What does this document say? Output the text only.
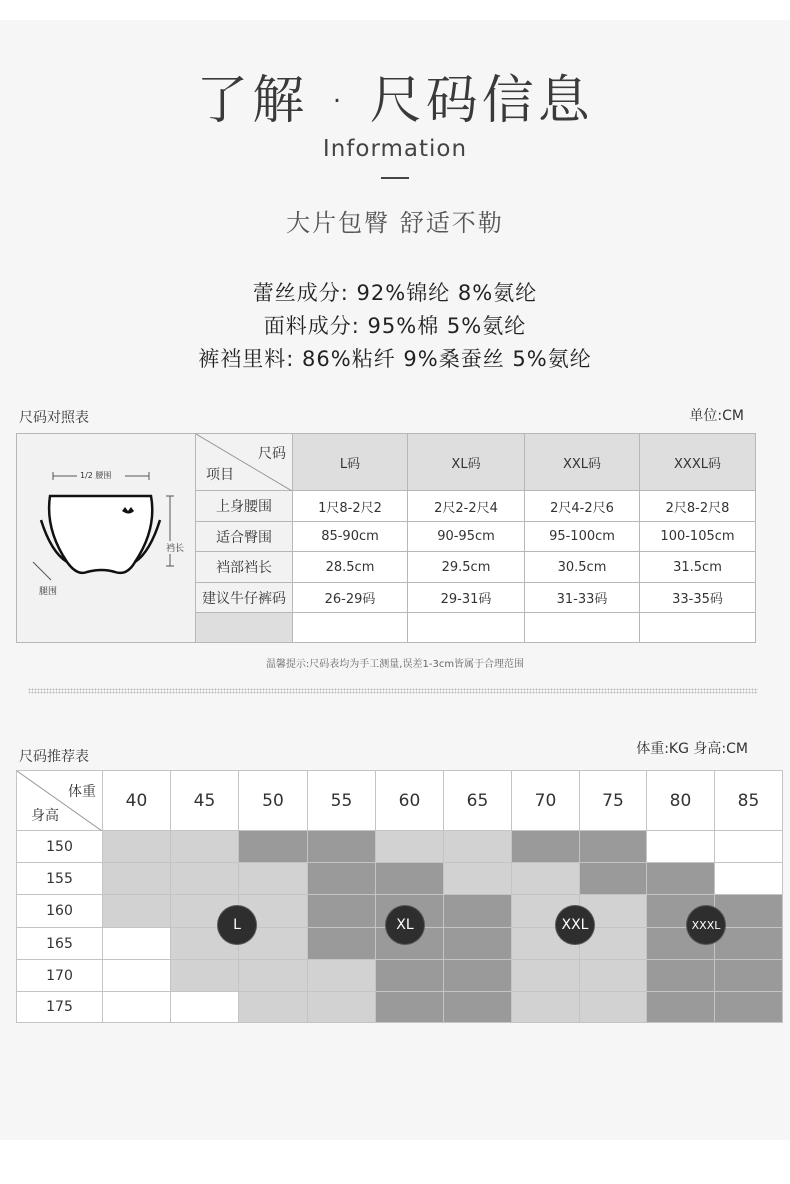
了解 · 尺码信息
Information
大片包臀 舒适不勒
蕾丝成分: 92%锦纶 8%氨纶
面料成分: 95%棉 5%氨纶
裤裆里料: 86%粘纤 9%桑蚕丝 5%氨纶
尺码对照表	单位:CM
1/2 腰围
裆长
腿围	尺码
项目	L码	XL码	XXL码	XXXL码
	上身腰围	1尺8-2尺2	2尺2-2尺4	2尺4-2尺6	2尺8-2尺8
	适合臀围	85-90cm	90-95cm	95-100cm	100-105cm
	裆部裆长	28.5cm	29.5cm	30.5cm	31.5cm
	建议牛仔裤码	26-29码	29-31码	31-33码	33-35码

温馨提示:尺码表均为手工测量,误差1-3cm皆属于合理范围
尺码推荐表	体重:KG 身高:CM
体重
身高	40	45	50	55	60	65	70	75	80	85
150										
155										
160										
165										
170										
175										
L	XL	XXL	XXXL
